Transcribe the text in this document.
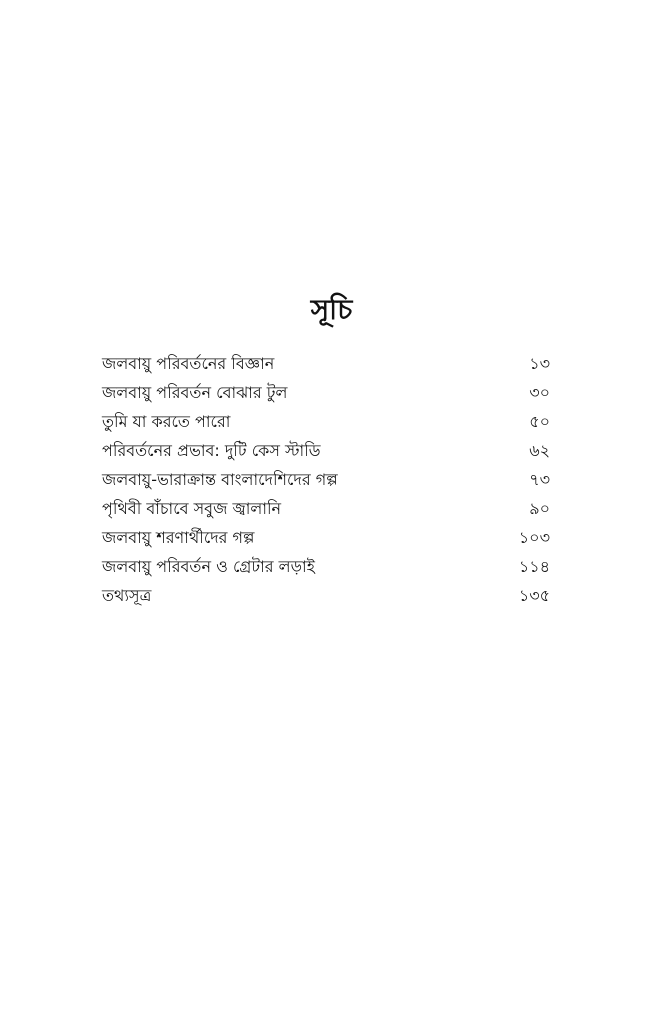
সূচি
জলবায়ু পরিবর্তনের বিজ্ঞান	১৩
জলবায়ু পরিবর্তন বোঝার টুল	৩০
তুমি যা করতে পারো	৫০
পরিবর্তনের প্রভাব: দুটি কেস স্টাডি	৬২
জলবায়ু-ভারাক্রান্ত বাংলাদেশিদের গল্প	৭৩
পৃথিবী বাঁচাবে সবুজ জ্বালানি	৯০
জলবায়ু শরণার্থীদের গল্প	১০৩
জলবায়ু পরিবর্তন ও গ্রেটার লড়াই	১১৪
তথ্যসূত্র	১৩৫
